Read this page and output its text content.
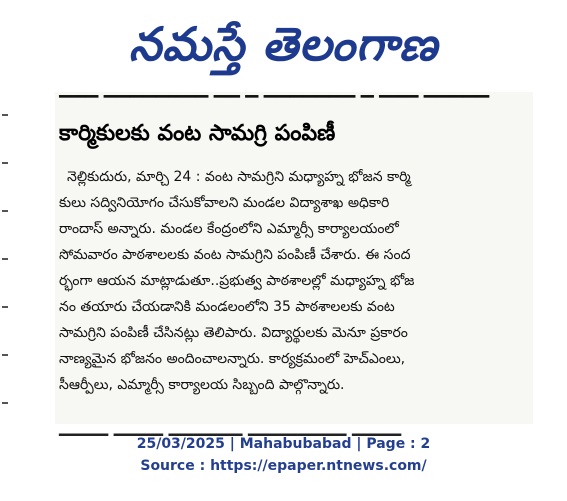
నమస్తే తెలంగాణ
▔▔▔ ▔▔▔▔▔▔▔▔ ▔▔ ▔ ▔▔▔▔▔▔▔ ▔ ▔▔▔ ▔▔▔▔▔
కార్మికులకు వంట సామగ్రి పంపిణీ
నెల్లికుదురు, మార్చి 24 : వంట సామగ్రిని మధ్యాహ్న భోజన కార్మి
కులు సద్వినియోగం చేసుకోవాలని మండల విద్యాశాఖ అధికారి
రాందాస్ అన్నారు. మండల కేంద్రంలోని ఎమ్మార్సీ కార్యాలయంలో
సోమవారం పాఠశాలలకు వంట సామగ్రిని పంపిణీ చేశారు. ఈ సంద
ర్భంగా ఆయన మాట్లాడుతూ..ప్రభుత్వ పాఠశాలల్లో మధ్యాహ్న భోజ
నం తయారు చేయడానికి మండలంలోని 35 పాఠశాలలకు వంట
సామగ్రిని పంపిణీ చేసినట్లు తెలిపారు. విద్యార్థులకు మెనూ ప్రకారం
నాణ్యమైన భోజనం అందించాలన్నారు. కార్యక్రమంలో హెచ్ఎంలు,
సీఆర్పీలు, ఎమ్మార్సీ కార్యాలయ సిబ్బంది పాల్గొన్నారు.
▁▁▁▁ ▁▁▁▁ ▁▁▁▁▁▁ ▁▁▁▁▁▁▁▁ ▁▁▁▁
25/03/2025 | Mahabubabad | Page : 2
Source : https://epaper.ntnews.com/
